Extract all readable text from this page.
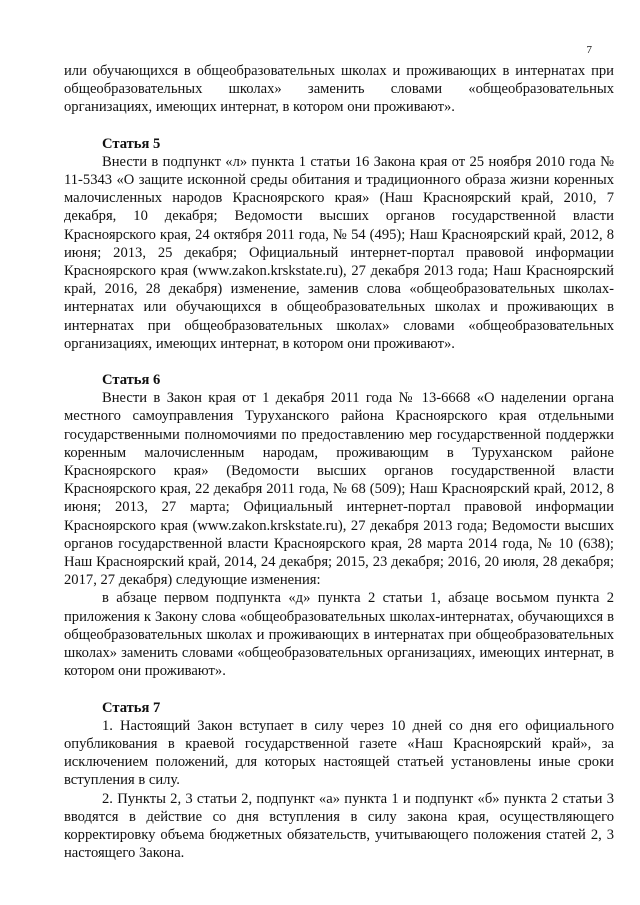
7

или обучающихся в общеобразовательных школах и проживающих в интернатах при общеобразовательных школах» заменить словами «общеобразовательных организациях, имеющих интернат, в котором они проживают».

Статья 5

Внести в подпункт «л» пункта 1 статьи 16 Закона края от 25 ноября 2010 года № 11-5343 «О защите исконной среды обитания и традиционного образа жизни коренных малочисленных народов Красноярского края» (Наш Красноярский край, 2010, 7 декабря, 10 декабря; Ведомости высших органов государственной власти Красноярского края, 24 октября 2011 года, № 54 (495); Наш Красноярский край, 2012, 8 июня; 2013, 25 декабря; Официальный интернет-портал правовой информации Красноярского края (www.zakon.krskstate.ru), 27 декабря 2013 года; Наш Красноярский край, 2016, 28 декабря) изменение, заменив слова «общеобразовательных школах-интернатах или обучающихся в общеобразовательных школах и проживающих в интернатах при общеобразовательных школах» словами «общеобразовательных организациях, имеющих интернат, в котором они проживают».

Статья 6

Внести в Закон края от 1 декабря 2011 года № 13-6668 «О наделении органа местного самоуправления Туруханского района Красноярского края отдельными государственными полномочиями по предоставлению мер государственной поддержки коренным малочисленным народам, проживающим в Туруханском районе Красноярского края» (Ведомости высших органов государственной власти Красноярского края, 22 декабря 2011 года, № 68 (509); Наш Красноярский край, 2012, 8 июня; 2013, 27 марта; Официальный интернет-портал правовой информации Красноярского края (www.zakon.krskstate.ru), 27 декабря 2013 года; Ведомости высших органов государственной власти Красноярского края, 28 марта 2014 года, № 10 (638); Наш Красноярский край, 2014, 24 декабря; 2015, 23 декабря; 2016, 20 июля, 28 декабря; 2017, 27 декабря) следующие изменения:

в абзаце первом подпункта «д» пункта 2 статьи 1, абзаце восьмом пункта 2 приложения к Закону слова «общеобразовательных школах-интернатах, обучающихся в общеобразовательных школах и проживающих в интернатах при общеобразовательных школах» заменить словами «общеобразовательных организациях, имеющих интернат, в котором они проживают».

Статья 7

1. Настоящий Закон вступает в силу через 10 дней со дня его официального опубликования в краевой государственной газете «Наш Красноярский край», за исключением положений, для которых настоящей статьей установлены иные сроки вступления в силу.

2. Пункты 2, 3 статьи 2, подпункт «а» пункта 1 и подпункт «б» пункта 2 статьи 3 вводятся в действие со дня вступления в силу закона края, осуществляющего корректировку объема бюджетных обязательств, учитывающего положения статей 2, 3 настоящего Закона.
